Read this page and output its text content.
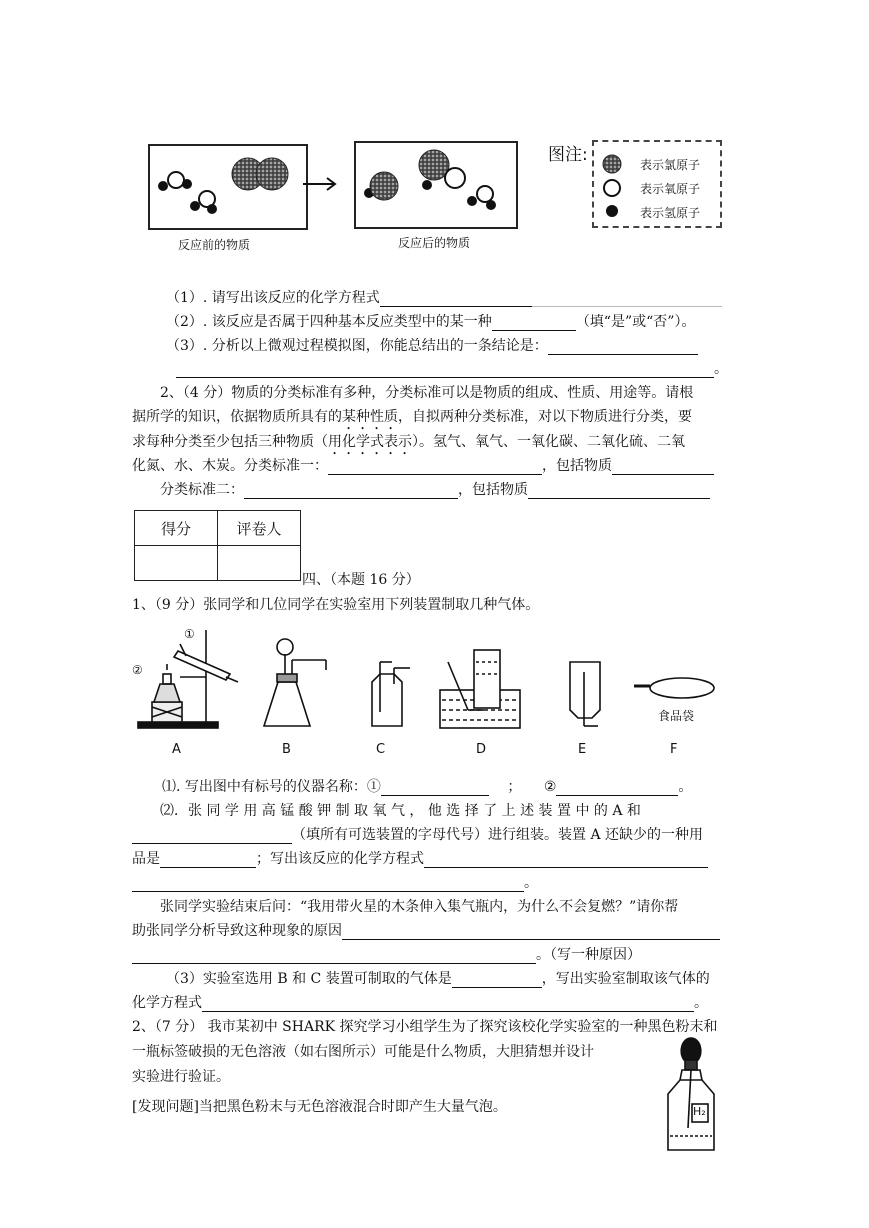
反应前的物质	反应后的物质
图注:	表示氯原子
表示氧原子
表示氢原子
（1）. 请写出该反应的化学方程式
（2）. 该反应是否属于四种基本反应类型中的某一种	（填“是”或“否”）。
（3）. 分析以上微观过程模拟图，你能总结出的一条结论是：
。
2、（4 分）物质的分类标准有多种，分类标准可以是物质的组成、性质、用途等。请根
据所学的知识，依据物质所具有的某种性质，自拟两种分类标准，对以下物质进行分类，要
求每种分类至少包括三种物质（用化学式表示）。氢气、氧气、一氧化碳、二氧化硫、二氧
化氮、水、木炭。分类标准一：	，包括物质
分类标准二：	，包括物质
得分	评卷人

四、（本题 16 分）
1、（9 分）张同学和几位同学在实验室用下列装置制取几种气体。
①
②
食品袋
A	B	C	D	E	F
⑴. 写出图中有标号的仪器名称：①	； ②	。
⑵．张 同 学 用 高 锰 酸 钾 制 取 氧 气 ， 他 选 择 了 上 述 装 置 中 的 A 和
（填所有可选装置的字母代号）进行组装。装置 A 还缺少的一种用
品是	；写出该反应的化学方程式
。
张同学实验结束后问：“我用带火星的木条伸入集气瓶内，为什么不会复燃？”请你帮
助张同学分析导致这种现象的原因
。（写一种原因）
（3）实验室选用 B 和 C 装置可制取的气体是	，写出实验室制取该气体的
化学方程式	。
2、（7 分） 我市某初中 SHARK 探究学习小组学生为了探究该校化学实验室的一种黑色粉末和
一瓶标签破损的无色溶液（如右图所示）可能是什么物质，大胆猜想并设计
实验进行验证。
[发现问题]当把黑色粉末与无色溶液混合时即产生大量气泡。	H₂
